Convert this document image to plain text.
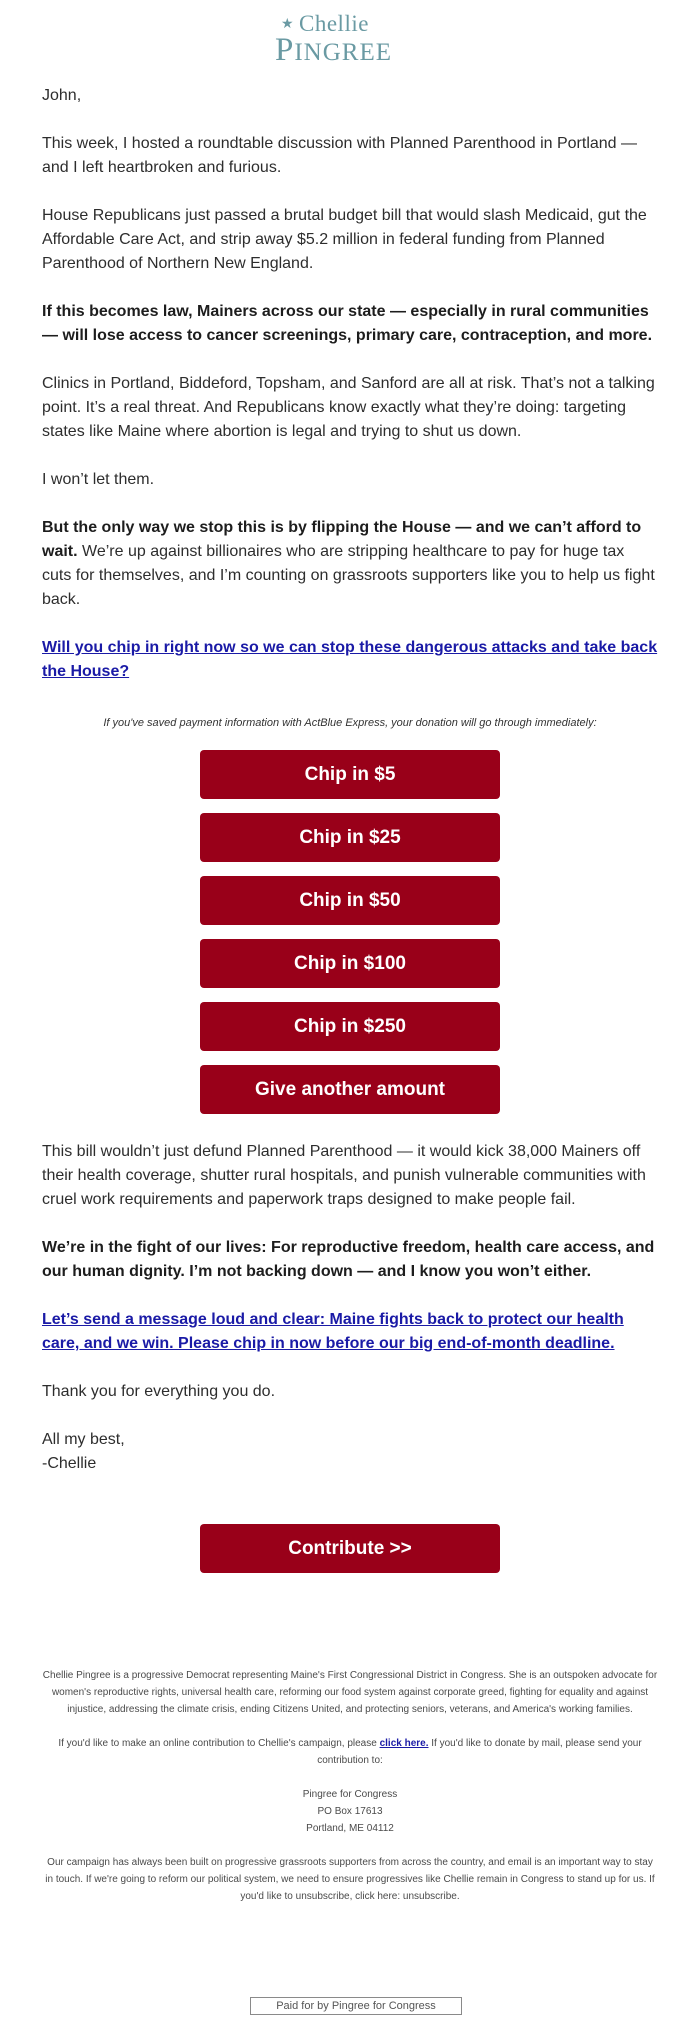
★ Chellie
PINGREE

John,

This week, I hosted a roundtable discussion with Planned Parenthood in Portland — and I left heartbroken and furious.

House Republicans just passed a brutal budget bill that would slash Medicaid, gut the Affordable Care Act, and strip away $5.2 million in federal funding from Planned Parenthood of Northern New England.

If this becomes law, Mainers across our state — especially in rural communities — will lose access to cancer screenings, primary care, contraception, and more.

Clinics in Portland, Biddeford, Topsham, and Sanford are all at risk. That’s not a talking point. It’s a real threat. And Republicans know exactly what they’re doing: targeting states like Maine where abortion is legal and trying to shut us down.

I won’t let them.

But the only way we stop this is by flipping the House — and we can’t afford to wait. We’re up against billionaires who are stripping healthcare to pay for huge tax cuts for themselves, and I’m counting on grassroots supporters like you to help us fight back.

Will you chip in right now so we can stop these dangerous attacks and take back the House?

If you've saved payment information with ActBlue Express, your donation will go through immediately:

Chip in $5
Chip in $25
Chip in $50
Chip in $100
Chip in $250
Give another amount

This bill wouldn’t just defund Planned Parenthood — it would kick 38,000 Mainers off their health coverage, shutter rural hospitals, and punish vulnerable communities with cruel work requirements and paperwork traps designed to make people fail.

We’re in the fight of our lives: For reproductive freedom, health care access, and our human dignity. I’m not backing down — and I know you won’t either.

Let’s send a message loud and clear: Maine fights back to protect our health care, and we win. Please chip in now before our big end-of-month deadline.

Thank you for everything you do.

All my best,

-Chellie

Contribute >>

Chellie Pingree is a progressive Democrat representing Maine's First Congressional District in Congress. She is an outspoken advocate for women's reproductive rights, universal health care, reforming our food system against corporate greed, fighting for equality and against injustice, addressing the climate crisis, ending Citizens United, and protecting seniors, veterans, and America's working families.

If you'd like to make an online contribution to Chellie's campaign, please click here. If you'd like to donate by mail, please send your contribution to:

Pingree for Congress

PO Box 17613

Portland, ME 04112

Our campaign has always been built on progressive grassroots supporters from across the country, and email is an important way to stay in touch. If we're going to reform our political system, we need to ensure progressives like Chellie remain in Congress to stand up for us. If you'd like to unsubscribe, click here: unsubscribe.

Paid for by Pingree for Congress
